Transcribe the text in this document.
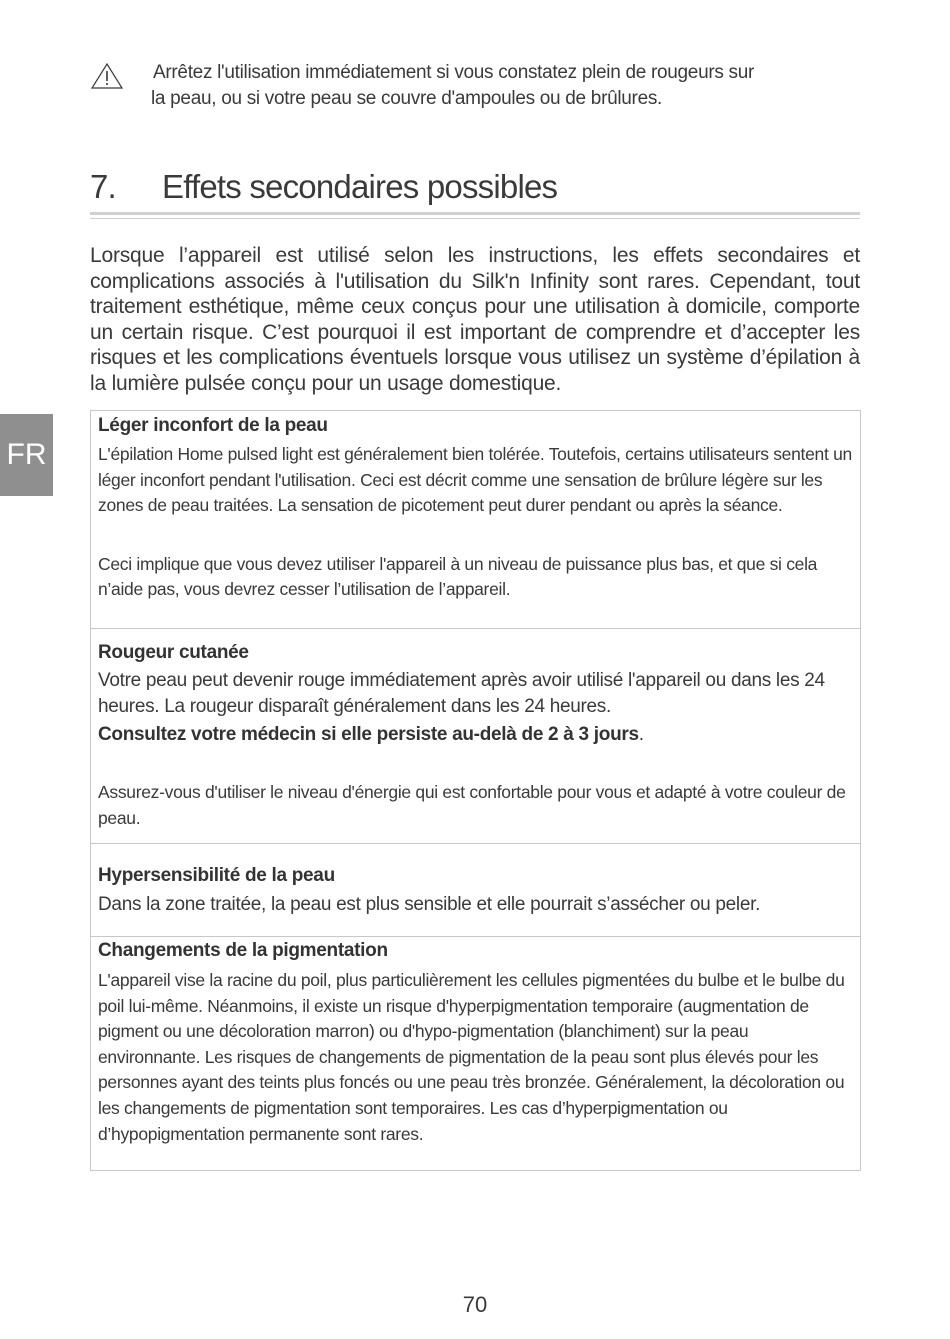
Arrêtez l'utilisation immédiatement si vous constatez plein de rougeurs sur
la peau, ou si votre peau se couvre d'ampoules ou de brûlures.
7. Effets secondaires possibles
Lorsque l’appareil est utilisé selon les instructions, les effets secondaires et complications associés à l'utilisation du Silk'n Infinity sont rares. Cependant, tout traitement esthétique, même ceux conçus pour une utilisation à domicile, comporte un certain risque. C’est pourquoi il est important de comprendre et d’accepter les risques et les complications éventuels lorsque vous utilisez un système d’épilation à la lumière pulsée conçu pour un usage domestique.
FR
Léger inconfort de la peau
L'épilation Home pulsed light est généralement bien tolérée. Toutefois, certains utilisateurs sentent un léger inconfort pendant l'utilisation. Ceci est décrit comme une sensation de brûlure légère sur les zones de peau traitées. La sensation de picotement peut durer pendant ou après la séance.
Ceci implique que vous devez utiliser l'appareil à un niveau de puissance plus bas, et que si cela n’aide pas, vous devrez cesser l’utilisation de l’appareil.
Rougeur cutanée
Votre peau peut devenir rouge immédiatement après avoir utilisé l'appareil ou dans les 24 heures. La rougeur disparaît généralement dans les 24 heures.
Consultez votre médecin si elle persiste au-delà de 2 à 3 jours.
Assurez-vous d'utiliser le niveau d'énergie qui est confortable pour vous et adapté à votre couleur de peau.
Hypersensibilité de la peau
Dans la zone traitée, la peau est plus sensible et elle pourrait s’assécher ou peler.
Changements de la pigmentation
L'appareil vise la racine du poil, plus particulièrement les cellules pigmentées du bulbe et le bulbe du poil lui-même. Néanmoins, il existe un risque d'hyperpigmentation temporaire (augmentation de pigment ou une décoloration marron) ou d'hypo-pigmentation (blanchiment) sur la peau environnante. Les risques de changements de pigmentation de la peau sont plus élevés pour les personnes ayant des teints plus foncés ou une peau très bronzée. Généralement, la décoloration ou les changements de pigmentation sont temporaires. Les cas d’hyperpigmentation ou d’hypopigmentation permanente sont rares.
70
